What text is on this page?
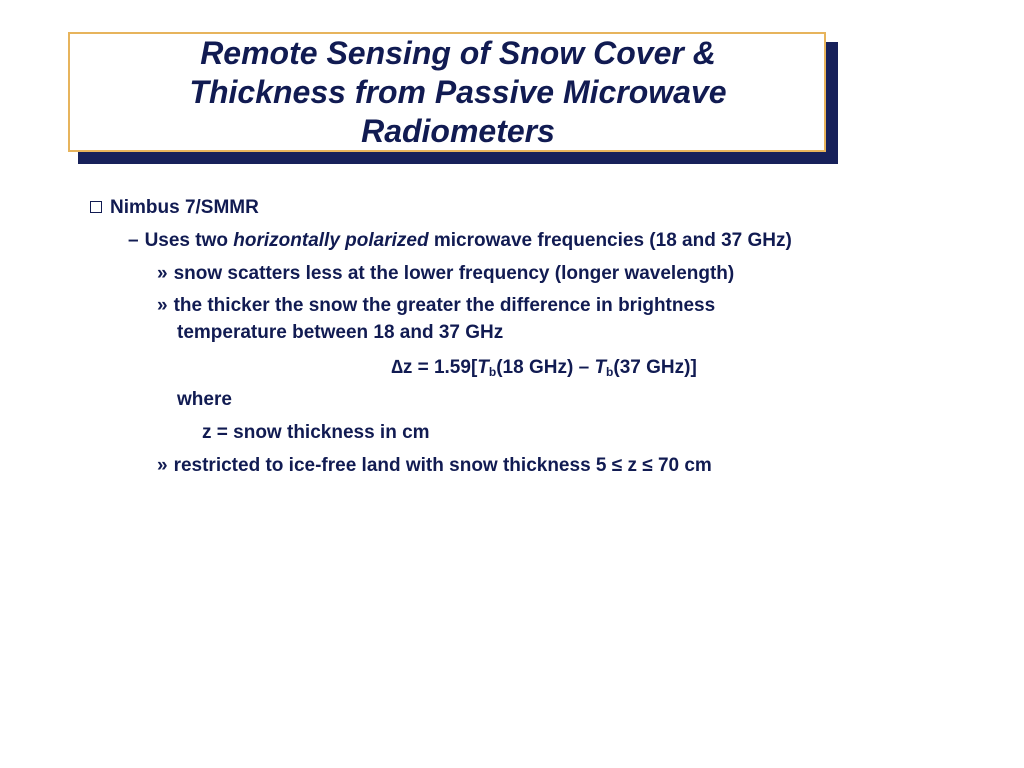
Remote Sensing of Snow Cover &
Thickness from Passive Microwave
Radiometers

Nimbus 7/SMMR

– Uses two horizontally polarized microwave frequencies (18 and 37 GHz)

» snow scatters less at the lower frequency (longer wavelength)

» the thicker the snow the greater the difference in brightness

temperature between 18 and 37 GHz

$\Delta z = 1.59[T_b(18$ $GHz) - T_b(37$ GHz)]

where

z = snow thickness in cm

» restricted to ice-free land with snow thickness 5 ≤ z ≤ 70 cm
